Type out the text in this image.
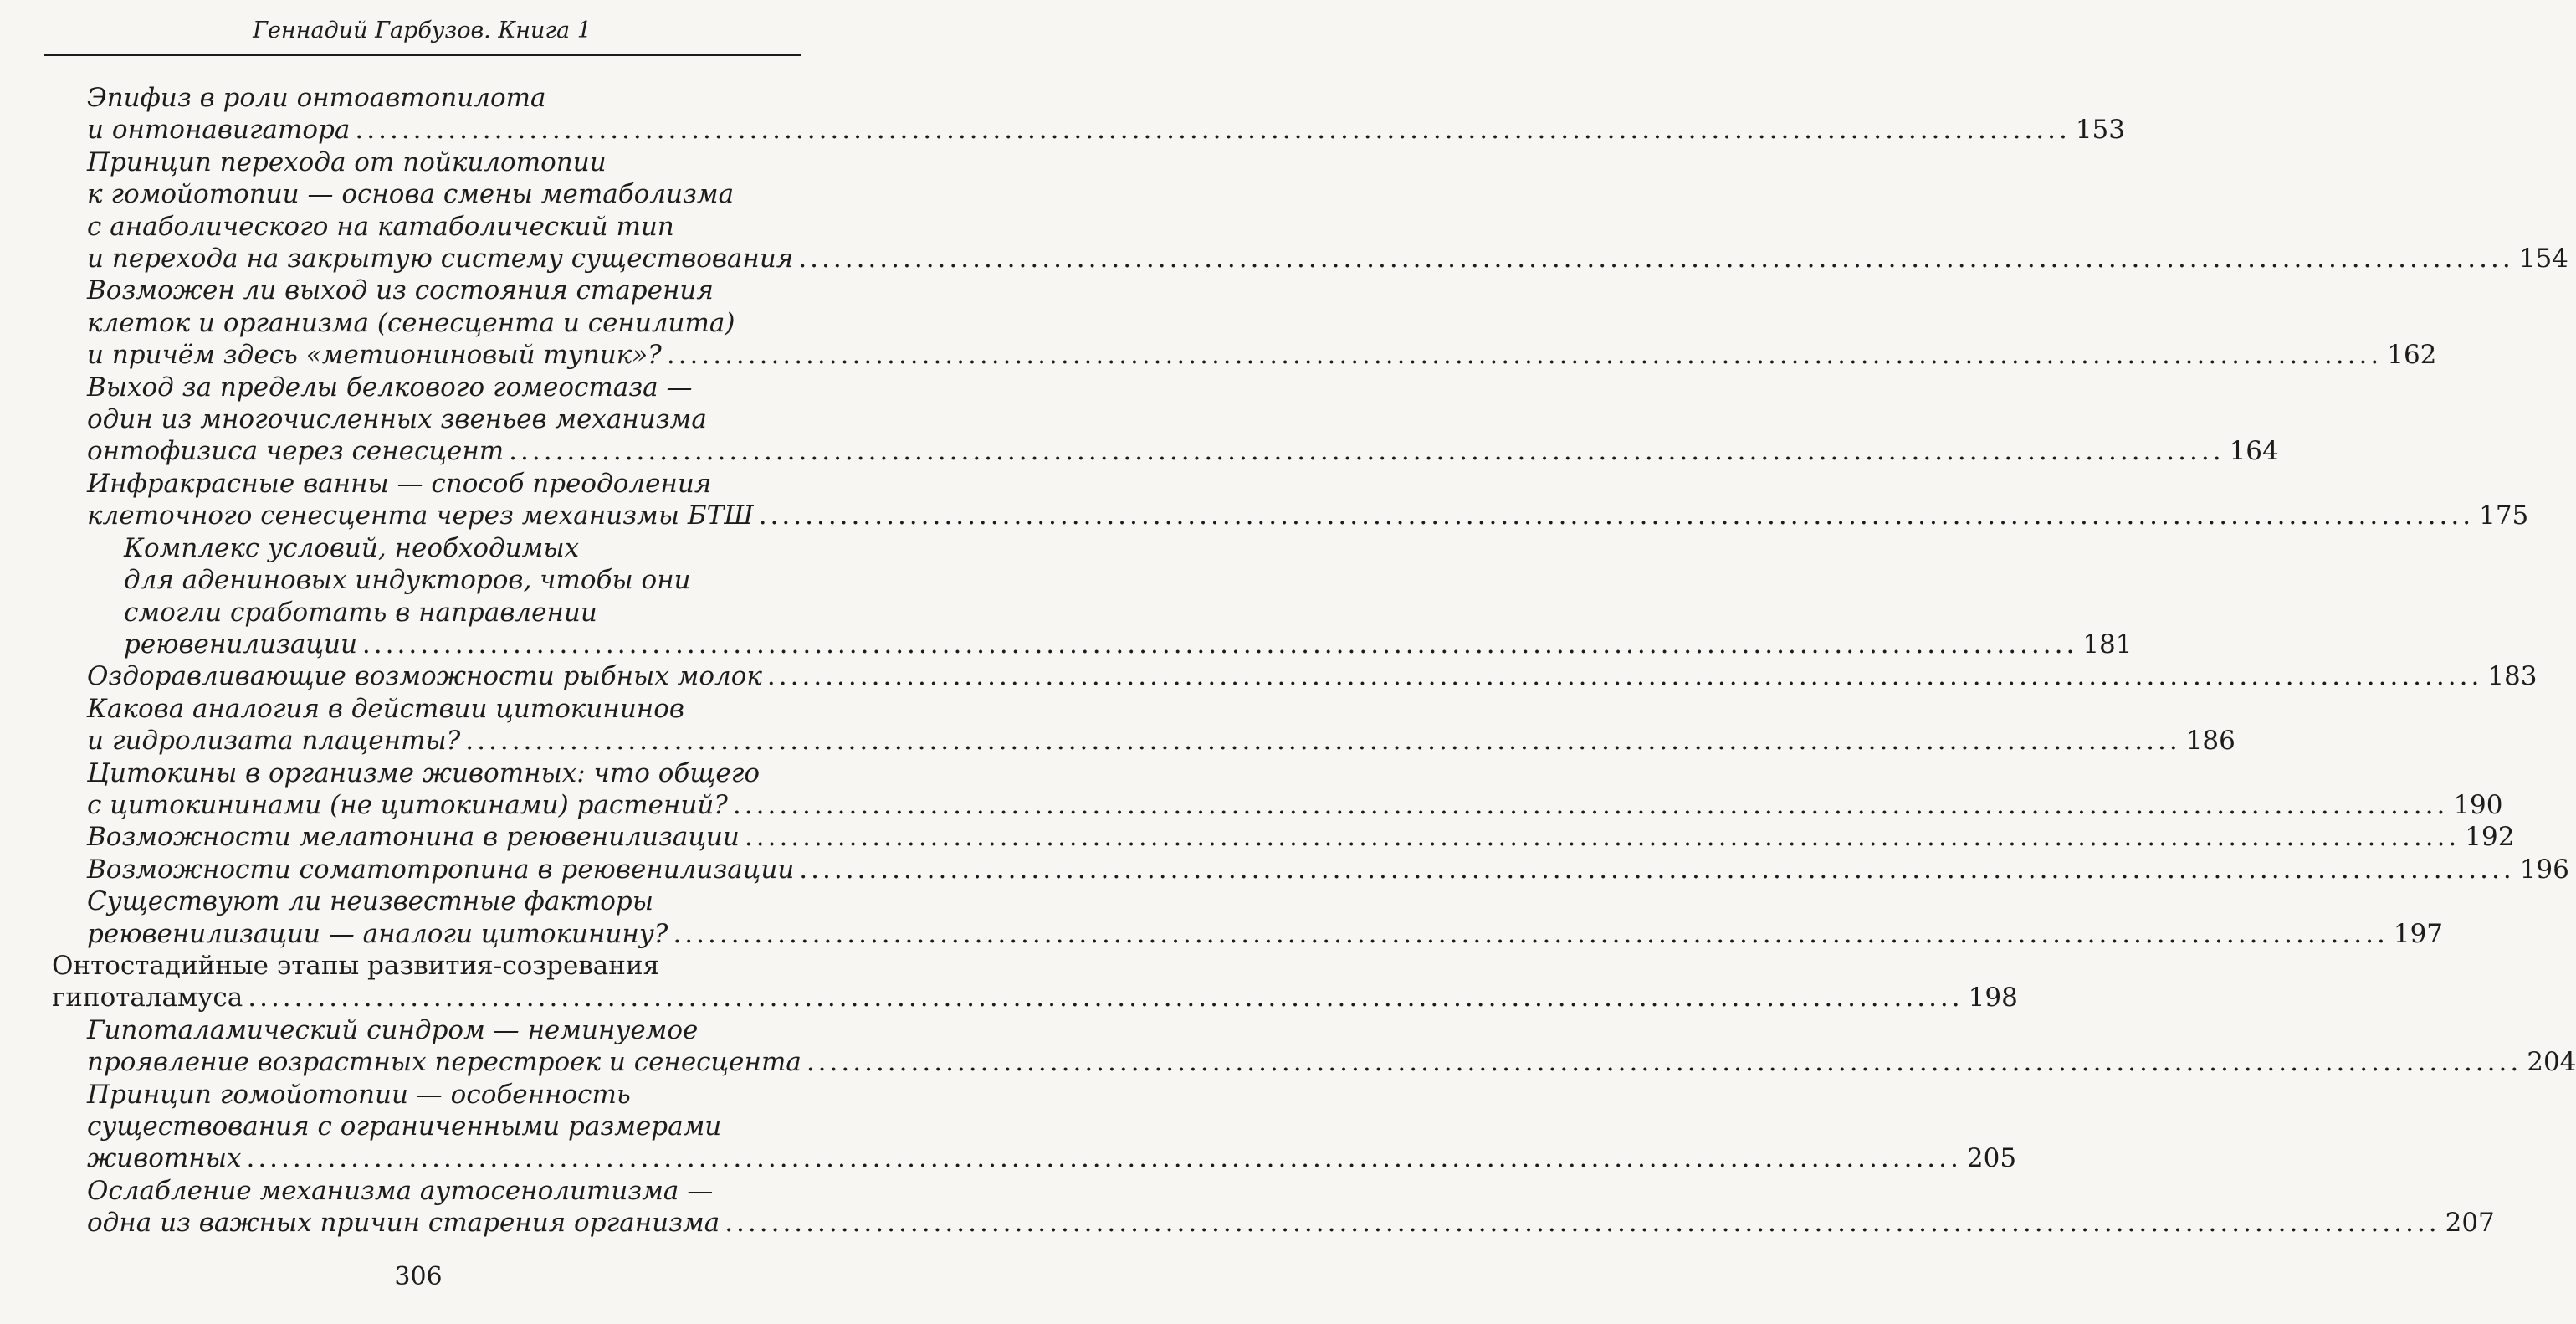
Геннадий Гарбузов. Книга 1
Эпифиз в роли онтоавтопилота
и онтонавигатора .....	153
Принцип перехода от пойкилотопии
к гомойотопии — основа смены метаболизма
с анаболического на катаболический тип
и перехода на закрытую систему существования .....	154
Возможен ли выход из состояния старения
клеток и организма (сенесцента и сенилита)
и причём здесь «метиониновый тупик»? .....	162
Выход за пределы белкового гомеостаза —
один из многочисленных звеньев механизма
онтофизиса через сенесцент .....	164
Инфракрасные ванны — способ преодоления
клеточного сенесцента через механизмы БТШ .....	175
Комплекс условий, необходимых
для адениновых индукторов, чтобы они
смогли сработать в направлении
реювенилизации .....	181
Оздоравливающие возможности рыбных молок .....	183
Какова аналогия в действии цитокининов
и гидролизата плаценты? .....	186
Цитокины в организме животных: что общего
с цитокининами (не цитокинами) растений? .....	190
Возможности мелатонина в реювенилизации .....	192
Возможности соматотропина в реювенилизации .....	196
Существуют ли неизвестные факторы
реювенилизации — аналоги цитокинину? .....	197
Онтостадийные этапы развития-созревания
гипоталамуса .....	198
Гипоталамический синдром — неминуемое
проявление возрастных перестроек и сенесцента .....	204
Принцип гомойотопии — особенность
существования с ограниченными размерами
животных .....	205
Ослабление механизма аутосенолитизма —
одна из важных причин старения организма .....	207
306
